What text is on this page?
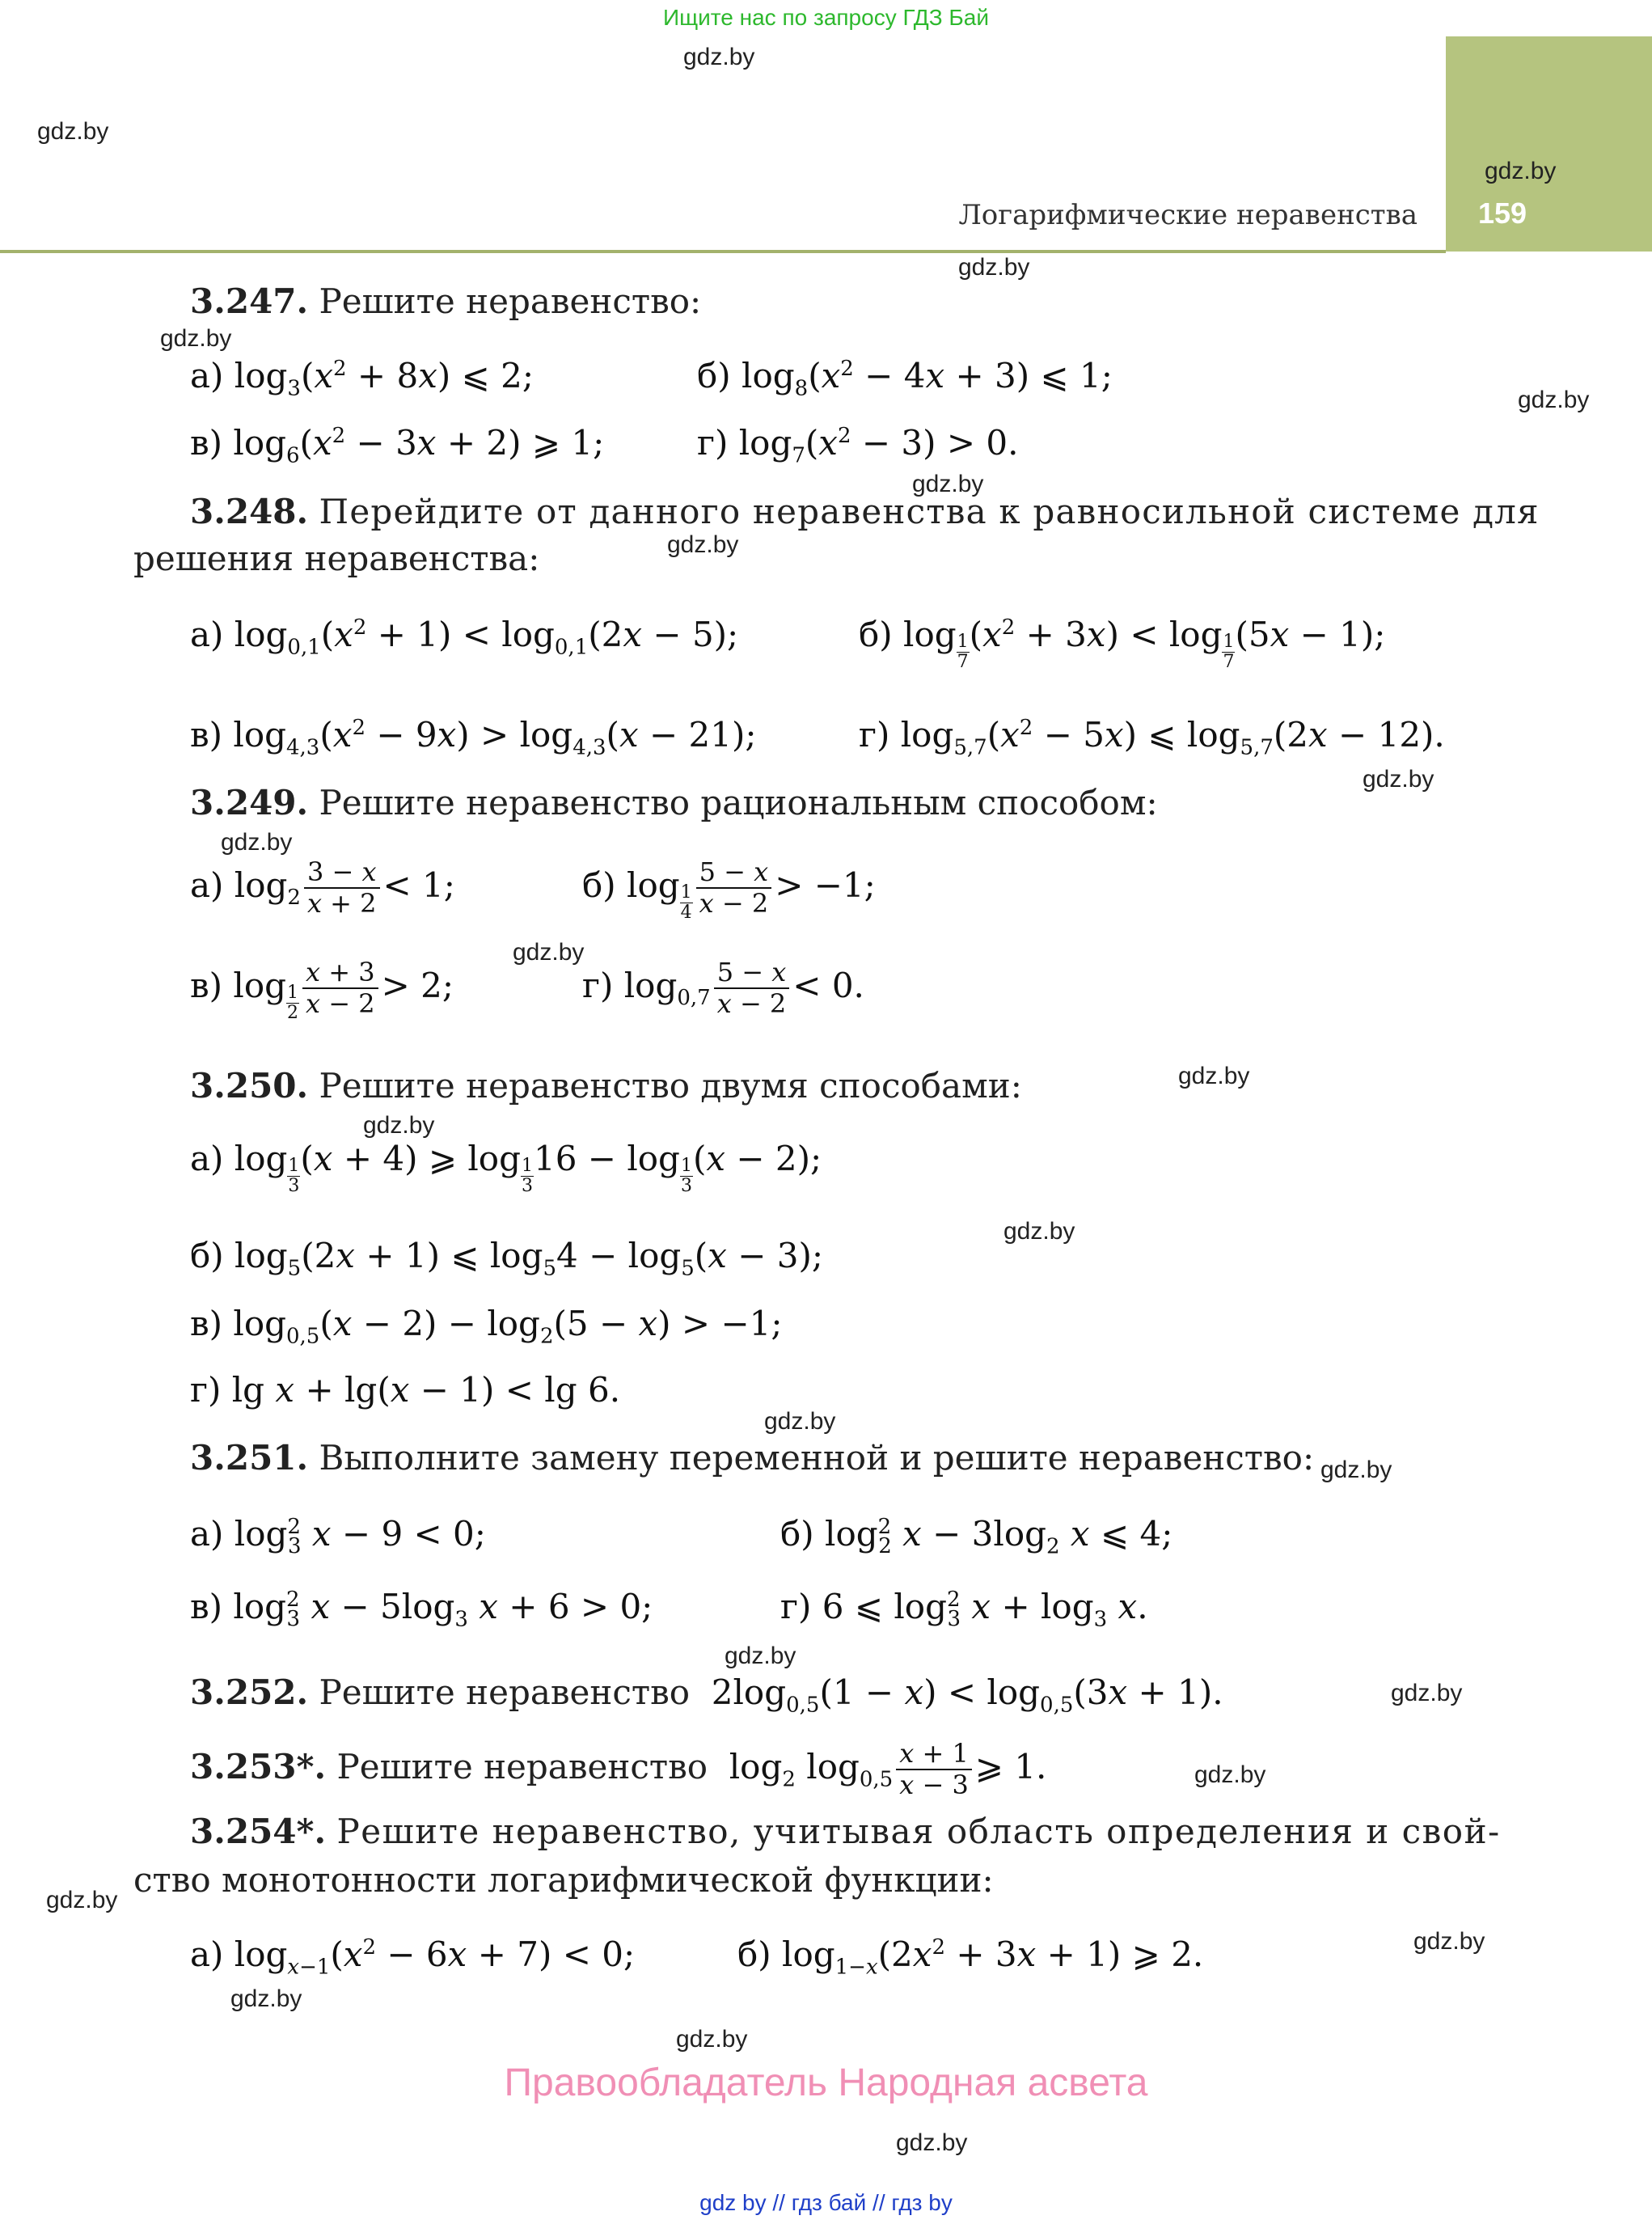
Ищите нас по запросу ГДЗ Бай
gdz.by
159
Логарифмические неравенства
gdz.by
gdz.by
gdz.by
gdz.by
gdz.by
gdz.by
gdz.by
gdz.by
gdz.by
gdz.by
gdz.by
gdz.by
gdz.by
gdz.by
gdz.by
gdz.by
gdz.by
gdz.by
gdz.by
gdz.by
gdz.by
gdz.by
gdz.by
3.247. Решите неравенство:
а) $\log_3(x^2 + 8x)$ ⩽ 2;	б) $\log_8(x^2 - 4x + 3)$ ⩽ 1;
в) $\log_6(x^2 - 3x + 2)$ ⩾ 1;	г) $\log_7(x^2 - 3) > 0$.
3.248. Перейдите от данного неравенства к равносильной системе для
решения неравенства:
а) $\log_{0,1}(x^2 + 1) < \log_{0,1}(2x - 5)$;	б) $\log \frac{1}{7} (x^2 + 3x) < \log \frac{1}{7} (5x - 1)$;
в) $\log_{4,3}(x^2 - 9x) > \log_{4,3}(x - 21)$;	г) $\log_{5,7}(x^2 - 5x)$ ⩽ $\log_{5,7}(2x - 12)$.
3.249. Решите неравенство рациональным способом:
а) $\log_2 \frac{3 - x}{x + 2} < 1$;	б) $\log \frac{1}{4} \frac{5 - x}{x - 2} > -1$;
в) $\log \frac{1}{2} \frac{x + 3}{x - 2} > 2$;	г) $\log_{0,7} \frac{5 - x}{x - 2} < 0$.
3.250. Решите неравенство двумя способами:
а) $\log \frac{1}{3} (x + 4)$ ⩾ $\log \frac{1}{3} 16 - \log \frac{1}{3} (x - 2)$;
б) $\log_5(2x + 1)$ ⩽ $\log_54 - \log_5(x - 3)$;
в) $\log_{0,5}(x - 2) - \log_2(5 - x) > -1$;
г) lg x + lg(x − 1) < lg 6.
3.251. Выполните замену переменной и решите неравенство:
а) $\log^2_3 x - 9 < 0$;	б) $\log^2_2 x - 3\log_2$ x ⩽ 4;
в) $\log^2_3 x - 5\log_3$ x + 6 > 0;	г) 6 ⩽ $\log^2_3 x + \log_3 x$.
3.252. Решите неравенство  $2\log_{0,5}(1 - x) < \log_{0,5}(3x + 1)$.
3.253*. Решите неравенство  $\log_2 \log_{0,5} \frac{x + 1}{x - 3}$ ⩾ 1.
3.254*. Решите неравенство, учитывая область определения и свой-
ство монотонности логарифмической функции:
а) $\log_{x-1}(x^2 - 6x + 7) < 0$;	б) $\log_{1-x}(2x^2 + 3x + 1)$ ⩾ 2.
Правообладатель Народная асвета
gdz by // гдз бай // гдз by
